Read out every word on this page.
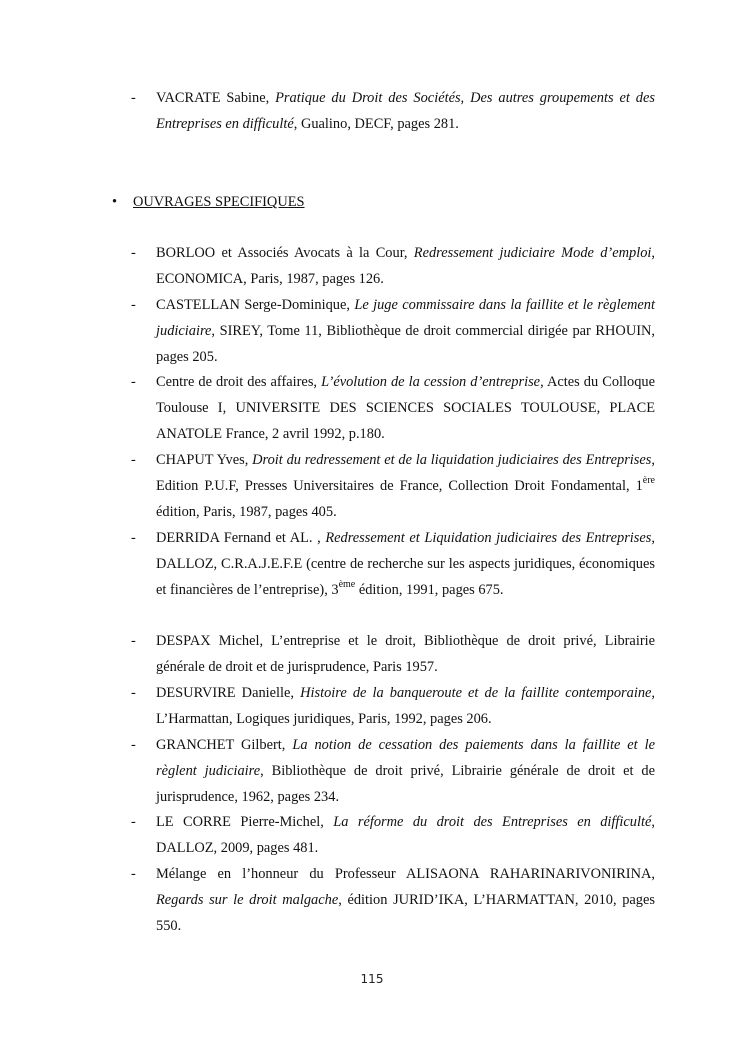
- VACRATE Sabine, Pratique du Droit des Sociétés, Des autres groupements et des Entreprises en difficulté, Gualino, DECF, pages 281.
• OUVRAGES SPECIFIQUES
- BORLOO et Associés Avocats à la Cour, Redressement judiciaire Mode d’emploi, ECONOMICA, Paris, 1987, pages 126.
- CASTELLAN Serge-Dominique, Le juge commissaire dans la faillite et le règlement judiciaire, SIREY, Tome 11, Bibliothèque de droit commercial dirigée par RHOUIN, pages 205.
- Centre de droit des affaires, L’évolution de la cession d’entreprise, Actes du Colloque Toulouse I, UNIVERSITE DES SCIENCES SOCIALES TOULOUSE, PLACE ANATOLE France, 2 avril 1992, p.180.
- CHAPUT Yves, Droit du redressement et de la liquidation judiciaires des Entreprises, Edition P.U.F, Presses Universitaires de France, Collection Droit Fondamental, 1ère édition, Paris, 1987, pages 405.
- DERRIDA Fernand et AL. , Redressement et Liquidation judiciaires des Entreprises, DALLOZ, C.R.A.J.E.F.E (centre de recherche sur les aspects juridiques, économiques et financières de l’entreprise), 3ème édition, 1991, pages 675.
- DESPAX Michel, L’entreprise et le droit, Bibliothèque de droit privé, Librairie générale de droit et de jurisprudence, Paris 1957.
- DESURVIRE Danielle, Histoire de la banqueroute et de la faillite contemporaine, L’Harmattan, Logiques juridiques, Paris, 1992, pages 206.
- GRANCHET Gilbert, La notion de cessation des paiements dans la faillite et le règlent judiciaire, Bibliothèque de droit privé, Librairie générale de droit et de jurisprudence, 1962, pages 234.
- LE CORRE Pierre-Michel, La réforme du droit des Entreprises en difficulté, DALLOZ, 2009, pages 481.
- Mélange en l’honneur du Professeur ALISAONA RAHARINARIVONIRINA, Regards sur le droit malgache, édition JURID’IKA, L’HARMATTAN, 2010, pages 550.
115
